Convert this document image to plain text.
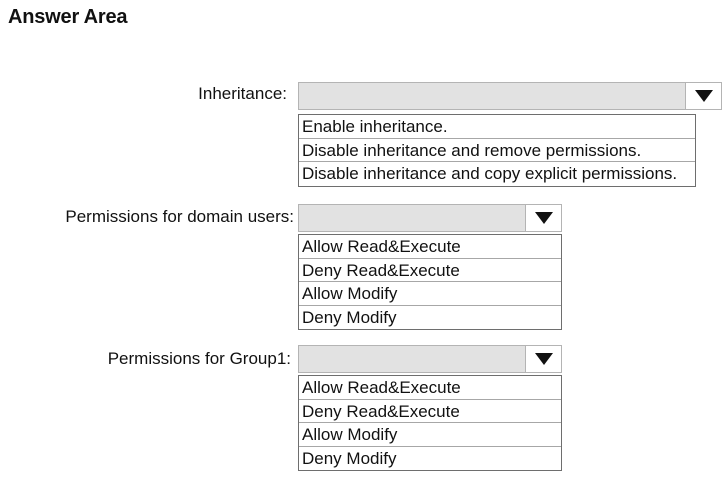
Answer Area
Inheritance:
Enable inheritance.
Disable inheritance and remove permissions.
Disable inheritance and copy explicit permissions.
Permissions for domain users:
Allow Read&Execute
Deny Read&Execute
Allow Modify
Deny Modify
Permissions for Group1:
Allow Read&Execute
Deny Read&Execute
Allow Modify
Deny Modify
